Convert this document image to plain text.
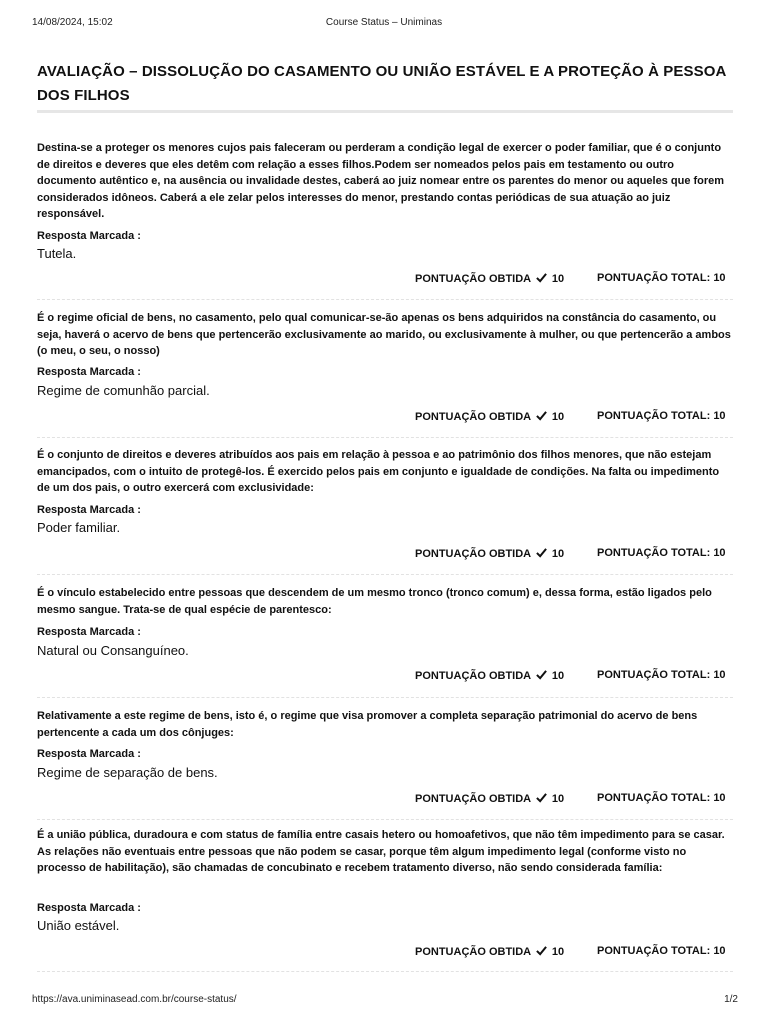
14/08/2024, 15:02	Course Status – Uniminas
AVALIAÇÃO – DISSOLUÇÃO DO CASAMENTO OU UNIÃO ESTÁVEL E A PROTEÇÃO À PESSOA DOS FILHOS

Destina-se a proteger os menores cujos pais faleceram ou perderam a condição legal de exercer o poder familiar, que é o conjunto de direitos e deveres que eles detêm com relação a esses filhos.Podem ser nomeados pelos pais em testamento ou outro documento autêntico e, na ausência ou invalidade destes, caberá ao juiz nomear entre os parentes do menor ou aqueles que forem considerados idôneos. Caberá a ele zelar pelos interesses do menor, prestando contas periódicas de sua atuação ao juiz responsável.

Resposta Marcada :
Tutela.
PONTUAÇÃO OBTIDA 10	PONTUAÇÃO TOTAL: 10

É o regime oficial de bens, no casamento, pelo qual comunicar-se-ão apenas os bens adquiridos na constância do casamento, ou seja, haverá o acervo de bens que pertencerão exclusivamente ao marido, ou exclusivamente à mulher, ou que pertencerão a ambos (o meu, o seu, o nosso)

Resposta Marcada :
Regime de comunhão parcial.
PONTUAÇÃO OBTIDA 10	PONTUAÇÃO TOTAL: 10

É o conjunto de direitos e deveres atribuídos aos pais em relação à pessoa e ao patrimônio dos filhos menores, que não estejam emancipados, com o intuito de protegê-los. É exercido pelos pais em conjunto e igualdade de condições. Na falta ou impedimento de um dos pais, o outro exercerá com exclusividade:

Resposta Marcada :
Poder familiar.
PONTUAÇÃO OBTIDA 10	PONTUAÇÃO TOTAL: 10

É o vínculo estabelecido entre pessoas que descendem de um mesmo tronco (tronco comum) e, dessa forma, estão ligados pelo mesmo sangue. Trata-se de qual espécie de parentesco:

Resposta Marcada :
Natural ou Consanguíneo.
PONTUAÇÃO OBTIDA 10	PONTUAÇÃO TOTAL: 10

Relativamente a este regime de bens, isto é, o regime que visa promover a completa separação patrimonial do acervo de bens pertencente a cada um dos cônjuges:

Resposta Marcada :
Regime de separação de bens.
PONTUAÇÃO OBTIDA 10	PONTUAÇÃO TOTAL: 10

É a união pública, duradoura e com status de família entre casais hetero ou homoafetivos, que não têm impedimento para se casar. As relações não eventuais entre pessoas que não podem se casar, porque têm algum impedimento legal (conforme visto no processo de habilitação), são chamadas de concubinato e recebem tratamento diverso, não sendo considerada família:

Resposta Marcada :
União estável.
PONTUAÇÃO OBTIDA 10	PONTUAÇÃO TOTAL: 10
https://ava.uniminasead.com.br/course-status/	1/2
